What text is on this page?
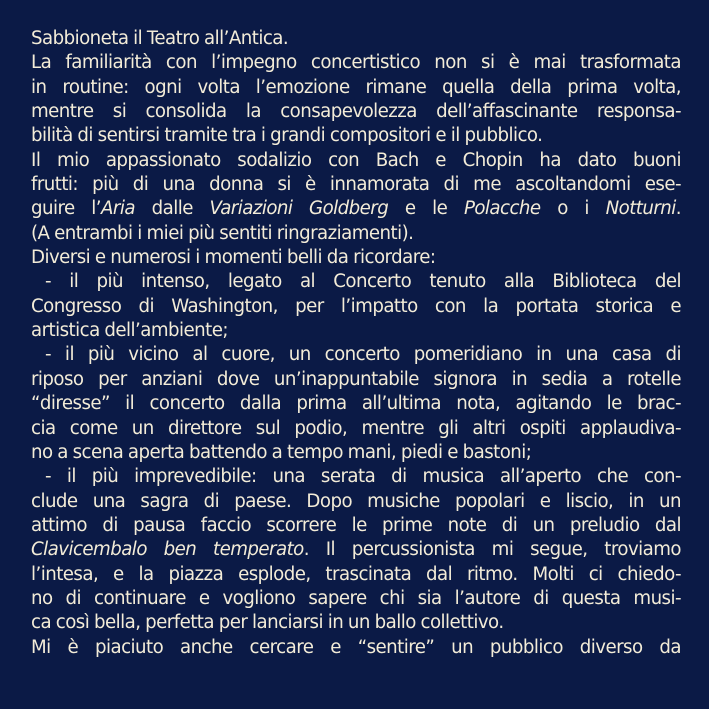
Sabbioneta il Teatro all’Antica.
La familiarità con l’impegno concertistico non si è mai trasformata
in routine: ogni volta l’emozione rimane quella della prima volta,
mentre si consolida la consapevolezza dell’affascinante responsa-
bilità di sentirsi tramite tra i grandi compositori e il pubblico.
Il mio appassionato sodalizio con Bach e Chopin ha dato buoni
frutti: più di una donna si è innamorata di me ascoltandomi ese-
guire l’Aria dalle Variazioni Goldberg e le Polacche o i Notturni.
(A entrambi i miei più sentiti ringraziamenti).
Diversi e numerosi i momenti belli da ricordare:
- il più intenso, legato al Concerto tenuto alla Biblioteca del
Congresso di Washington, per l’impatto con la portata storica e
artistica dell’ambiente;
- il più vicino al cuore, un concerto pomeridiano in una casa di
riposo per anziani dove un’inappuntabile signora in sedia a rotelle
“diresse” il concerto dalla prima all’ultima nota, agitando le brac-
cia come un direttore sul podio, mentre gli altri ospiti applaudiva-
no a scena aperta battendo a tempo mani, piedi e bastoni;
- il più imprevedibile: una serata di musica all’aperto che con-
clude una sagra di paese. Dopo musiche popolari e liscio, in un
attimo di pausa faccio scorrere le prime note di un preludio dal
Clavicembalo ben temperato. Il percussionista mi segue, troviamo
l’intesa, e la piazza esplode, trascinata dal ritmo. Molti ci chiedo-
no di continuare e vogliono sapere chi sia l’autore di questa musi-
ca così bella, perfetta per lanciarsi in un ballo collettivo.
Mi è piaciuto anche cercare e “sentire” un pubblico diverso da
